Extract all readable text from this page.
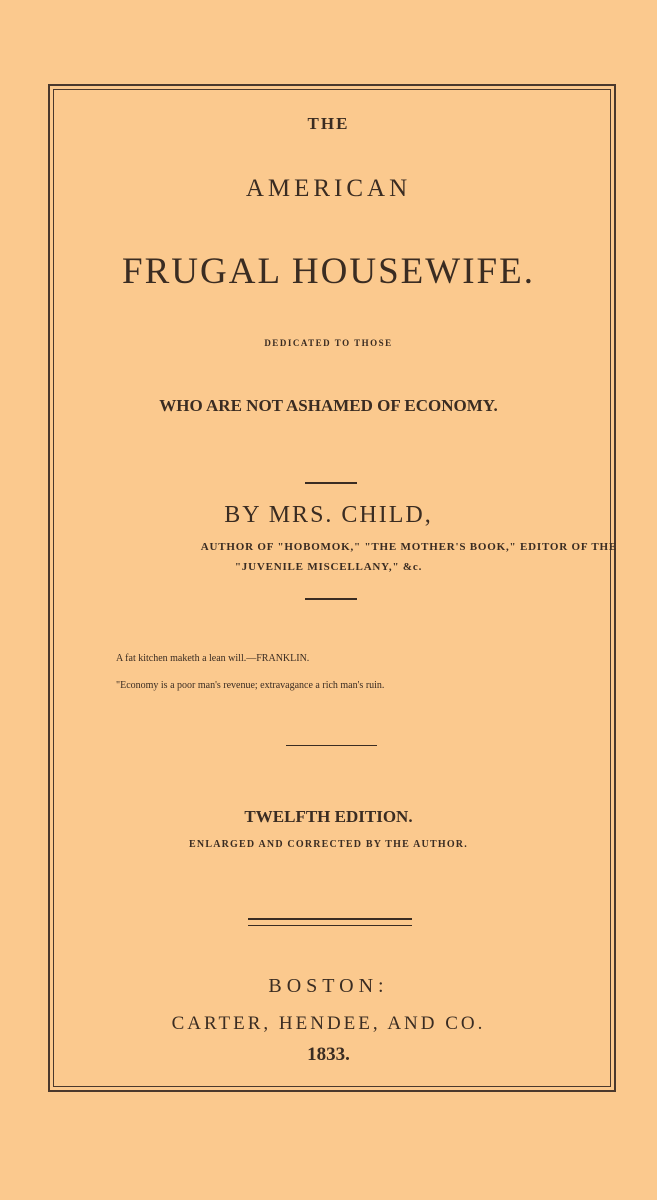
THE
AMERICAN
FRUGAL HOUSEWIFE.
DEDICATED TO THOSE
WHO ARE NOT ASHAMED OF ECONOMY.
BY MRS. CHILD,
AUTHOR OF "HOBOMOK," "THE MOTHER'S BOOK," EDITOR OF THE
"JUVENILE MISCELLANY," &c.
A fat kitchen maketh a lean will.—FRANKLIN.
"Economy is a poor man's revenue; extravagance a rich man's ruin.
TWELFTH EDITION.
ENLARGED AND CORRECTED BY THE AUTHOR.
BOSTON:
CARTER, HENDEE, AND CO.
1833.
